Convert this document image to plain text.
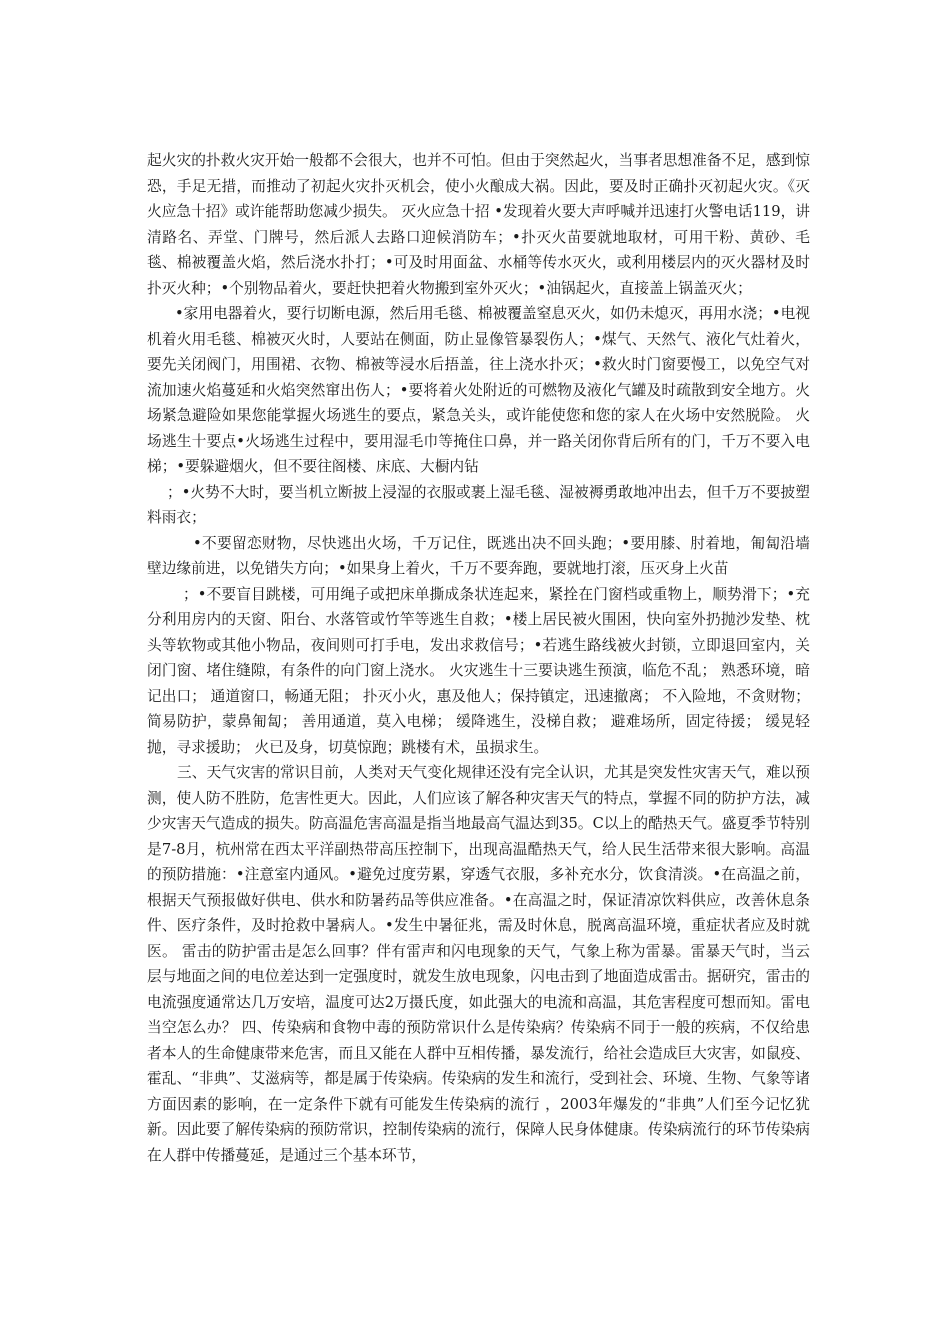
起火灾的扑救火灾开始一般都不会很大，也并不可怕。但由于突然起火，当事者思想准备不足，感到惊恐，手足无措，而推动了初起火灾扑灭机会，使小火酿成大祸。因此，要及时正确扑灭初起火灾。《灭火应急十招》或许能帮助您减少损失。 灭火应急十招 •发现着火要大声呼喊并迅速打火警电话119，讲清路名、弄堂、门牌号，然后派人去路口迎候消防车；•扑灭火苗要就地取材，可用干粉、黄砂、毛毯、棉被覆盖火焰，然后浇水扑打；•可及时用面盆、水桶等传水灭火，或利用楼层内的灭火器材及时扑灭火种；•个别物品着火，要赶快把着火物搬到室外灭火；•油锅起火，直接盖上锅盖灭火；

•家用电器着火，要行切断电源，然后用毛毯、棉被覆盖窒息灭火，如仍未熄灭，再用水浇；•电视机着火用毛毯、棉被灭火时，人要站在侧面，防止显像管暴裂伤人；•煤气、天然气、液化气灶着火，要先关闭阀门，用围裙、衣物、棉被等浸水后捂盖，往上浇水扑灭；•救火时门窗要慢工，以免空气对流加速火焰蔓延和火焰突然窜出伤人；•要将着火处附近的可燃物及液化气罐及时疏散到安全地方。火场紧急避险如果您能掌握火场逃生的要点，紧急关头，或许能使您和您的家人在火场中安然脱险。 火场逃生十要点•火场逃生过程中，要用湿毛巾等掩住口鼻，并一路关闭你背后所有的门，千万不要入电梯；•要躲避烟火，但不要往阁楼、床底、大橱内钻

；•火势不大时，要当机立断披上浸湿的衣服或裹上湿毛毯、湿被褥勇敢地冲出去，但千万不要披塑料雨衣；

•不要留恋财物，尽快逃出火场，千万记住，既逃出决不回头跑；•要用膝、肘着地，匍匐沿墙壁边缘前进，以免错失方向；•如果身上着火，千万不要奔跑，要就地打滚，压灭身上火苗

；•不要盲目跳楼，可用绳子或把床单撕成条状连起来，紧拴在门窗档或重物上，顺势滑下；•充分利用房内的天窗、阳台、水落管或竹竿等逃生自救；•楼上居民被火围困，快向室外扔抛沙发垫、枕头等软物或其他小物品，夜间则可打手电，发出求救信号；•若逃生路线被火封锁，立即退回室内，关闭门窗、堵住缝隙，有条件的向门窗上浇水。 火灾逃生十三要诀逃生预演，临危不乱； 熟悉环境，暗记出口； 通道窗口，畅通无阻； 扑灭小火，惠及他人；保持镇定，迅速撤离； 不入险地，不贪财物； 简易防护，蒙鼻匍匐； 善用通道，莫入电梯； 缓降逃生，没梯自救； 避难场所，固定待援； 缓晃轻抛，寻求援助； 火已及身，切莫惊跑；跳楼有术，虽损求生。

三、天气灾害的常识目前，人类对天气变化规律还没有完全认识，尤其是突发性灾害天气，难以预测，使人防不胜防，危害性更大。因此，人们应该了解各种灾害天气的特点，掌握不同的防护方法，减少灾害天气造成的损失。防高温危害高温是指当地最高气温达到35。C以上的酷热天气。盛夏季节特别是7-8月，杭州常在西太平洋副热带高压控制下，出现高温酷热天气，给人民生活带来很大影响。高温的预防措施：•注意室内通风。•避免过度劳累，穿透气衣服，多补充水分，饮食清淡。•在高温之前，根据天气预报做好供电、供水和防暑药品等供应准备。•在高温之时，保证清凉饮料供应，改善休息条件、医疗条件，及时抢救中暑病人。•发生中暑征兆，需及时休息，脱离高温环境，重症状者应及时就医。 雷击的防护雷击是怎么回事？伴有雷声和闪电现象的天气，气象上称为雷暴。雷暴天气时，当云层与地面之间的电位差达到一定强度时，就发生放电现象，闪电击到了地面造成雷击。据研究，雷击的电流强度通常达几万安培，温度可达2万摄氏度，如此强大的电流和高温，其危害程度可想而知。雷电当空怎么办？ 四、传染病和食物中毒的预防常识什么是传染病？传染病不同于一般的疾病，不仅给患者本人的生命健康带来危害，而且又能在人群中互相传播，暴发流行，给社会造成巨大灾害，如鼠疫、霍乱、“非典”、艾滋病等，都是属于传染病。传染病的发生和流行，受到社会、环境、生物、气象等诸方面因素的影响，在一定条件下就有可能发生传染病的流行 ，2003年爆发的“非典”人们至今记忆犹新。因此要了解传染病的预防常识，控制传染病的流行，保障人民身体健康。传染病流行的环节传染病在人群中传播蔓延，是通过三个基本环节，
